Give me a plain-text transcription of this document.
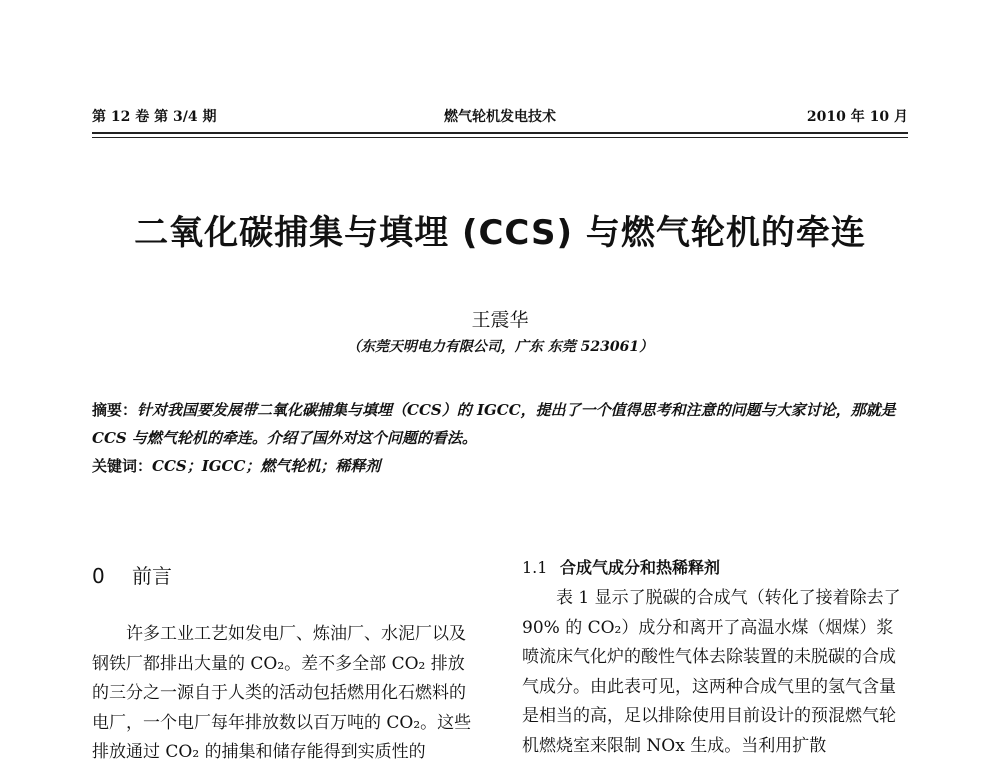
第 12 卷 第 3/4 期	燃气轮机发电技术	2010 年 10 月
二氧化碳捕集与填埋 (CCS) 与燃气轮机的牵连
王震华
（东莞天明电力有限公司，广东 东莞 523061）
摘要：针对我国要发展带二氧化碳捕集与填埋（CCS）的 IGCC，提出了一个值得思考和注意的问题与大家讨论，那就是 CCS 与燃气轮机的牵连。介绍了国外对这个问题的看法。
关键词：CCS；IGCC；燃气轮机；稀释剂
0 前言

许多工业工艺如发电厂、炼油厂、水泥厂以及钢铁厂都排出大量的 CO₂。差不多全部 CO₂ 排放的三分之一源自于人类的活动包括燃用化石燃料的电厂，一个电厂每年排放数以百万吨的 CO₂。这些排放通过 CO₂ 的捕集和储存能得到实质性的

1.1 合成气成分和热稀释剂

表 1 显示了脱碳的合成气（转化了接着除去了 90% 的 CO₂）成分和离开了高温水煤（烟煤）浆喷流床气化炉的酸性气体去除装置的未脱碳的合成气成分。由此表可见，这两种合成气里的氢气含量是相当的高，足以排除使用目前设计的预混燃气轮机燃烧室来限制 NOx 生成。当利用扩散
